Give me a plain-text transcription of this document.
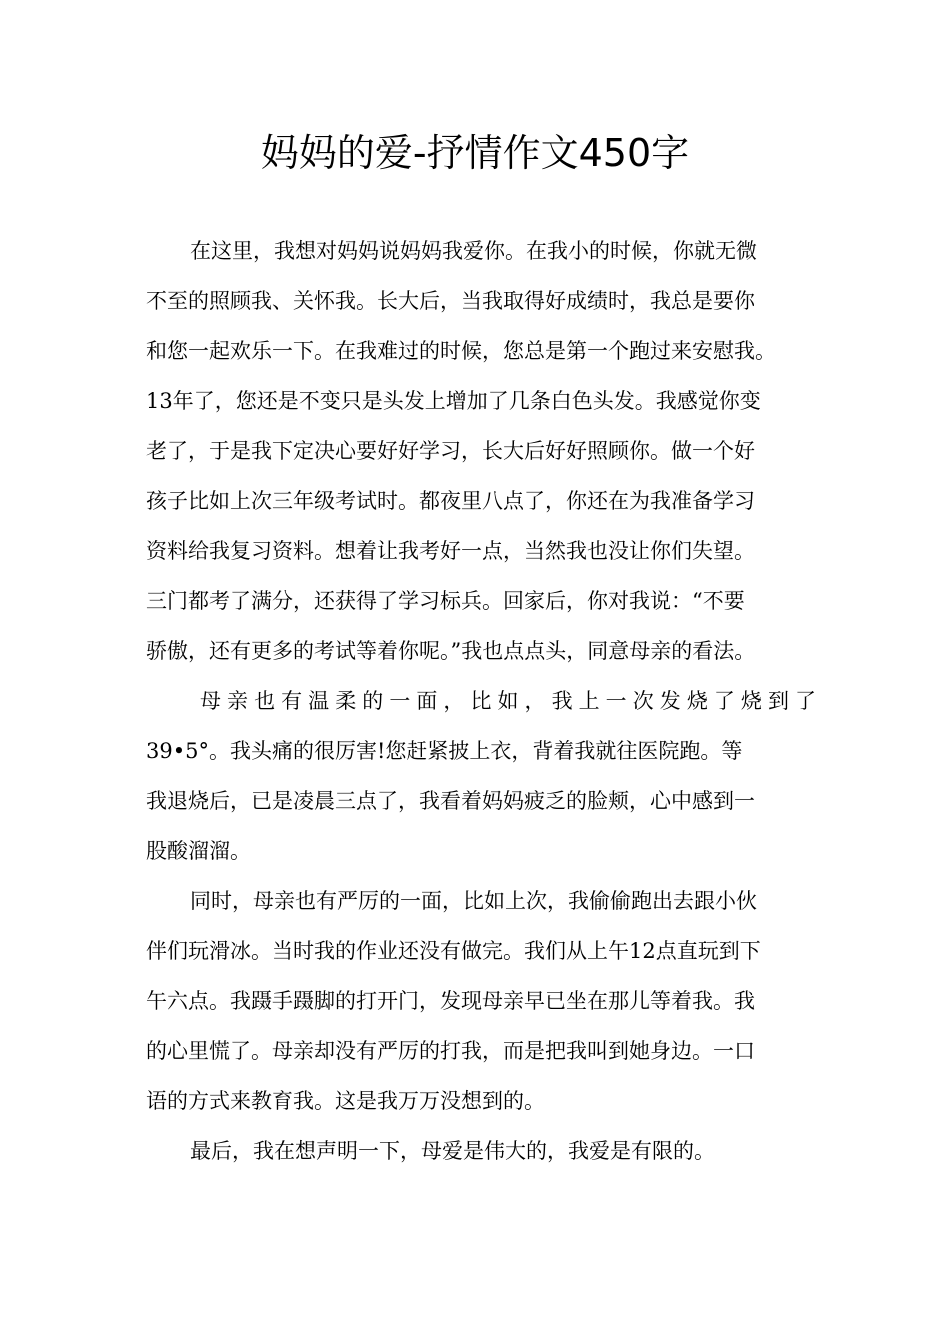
妈妈的爱-抒情作文450字
在这里，我想对妈妈说妈妈我爱你。在我小的时候，你就无微
不至的照顾我、关怀我。长大后，当我取得好成绩时，我总是要你
和您一起欢乐一下。在我难过的时候，您总是第一个跑过来安慰我。
13年了，您还是不变只是头发上增加了几条白色头发。我感觉你变
老了，于是我下定决心要好好学习，长大后好好照顾你。做一个好
孩子比如上次三年级考试时。都夜里八点了，你还在为我准备学习
资料给我复习资料。想着让我考好一点，当然我也没让你们失望。
三门都考了满分，还获得了学习标兵。回家后，你对我说：“不要
骄傲，还有更多的考试等着你呢。”我也点点头，同意母亲的看法。
母亲也有温柔的一面，比如，我上一次发烧了烧到了
39•5°。我头痛的很厉害!您赶紧披上衣，背着我就往医院跑。等
我退烧后，已是凌晨三点了，我看着妈妈疲乏的脸颊，心中感到一
股酸溜溜。
同时，母亲也有严厉的一面，比如上次，我偷偷跑出去跟小伙
伴们玩滑冰。当时我的作业还没有做完。我们从上午12点直玩到下
午六点。我蹑手蹑脚的打开门，发现母亲早已坐在那儿等着我。我
的心里慌了。母亲却没有严厉的打我，而是把我叫到她身边。一口
语的方式来教育我。这是我万万没想到的。
最后，我在想声明一下，母爱是伟大的，我爱是有限的。
